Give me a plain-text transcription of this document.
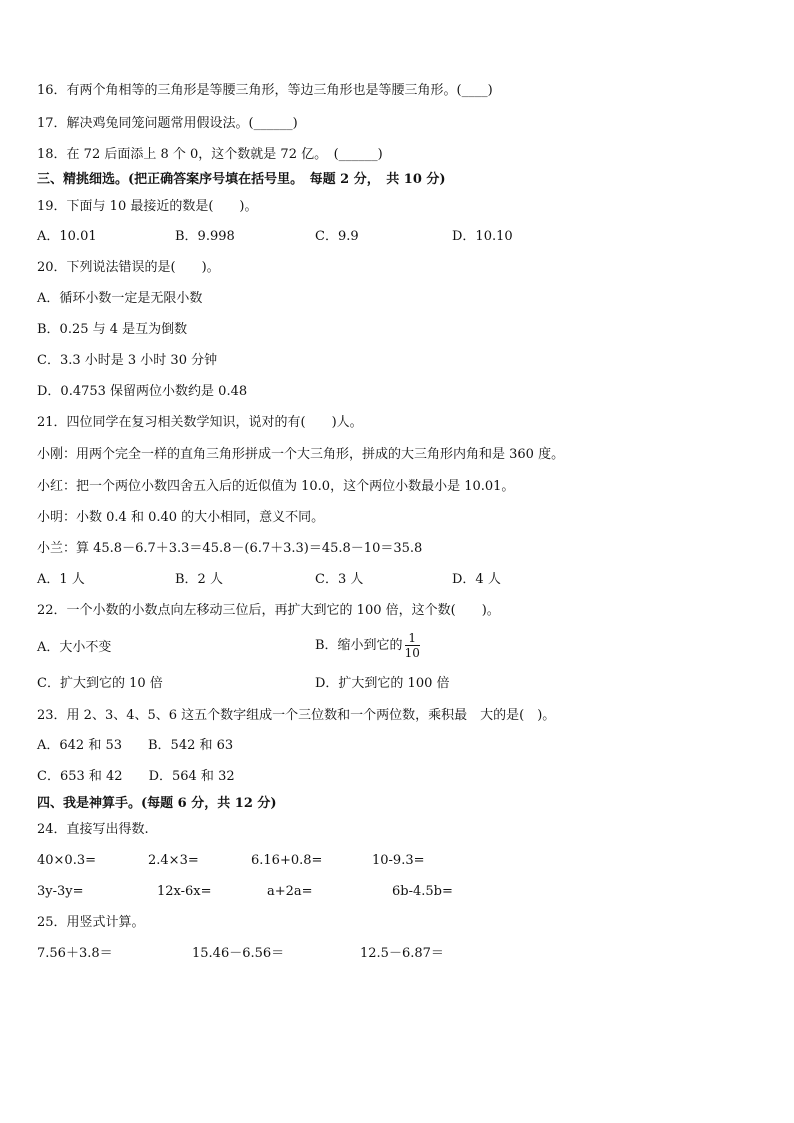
16．有两个角相等的三角形是等腰三角形，等边三角形也是等腰三角形。(____)
17．解决鸡兔同笼问题常用假设法。(______)
18．在 72 后面添上 8 个 0，这个数就是 72 亿。　(______)
三、精挑细选。(把正确答案序号填在括号里。　每题 2 分，　共 10 分)
19．下面与 10 最接近的数是(　　)。
A．10.01	B．9.998	C．9.9	D．10.10
20．下列说法错误的是(　　)。
A．循环小数一定是无限小数
B．0.25 与 4 是互为倒数
C．3.3 小时是 3 小时 30 分钟
D．0.4753 保留两位小数约是 0.48
21．四位同学在复习相关数学知识，说对的有(　　)人。
小刚：用两个完全一样的直角三角形拼成一个大三角形，拼成的大三角形内角和是 360 度。
小红：把一个两位小数四舍五入后的近似值为 10.0，这个两位小数最小是 10.01。
小明：小数 0.4 和 0.40 的大小相同，意义不同。
小兰：算 45.8－6.7＋3.3＝45.8－(6.7＋3.3)＝45.8－10＝35.8
A．1 人	B．2 人	C．3 人	D．4 人
22．一个小数的小数点向左移动三位后，再扩大到它的 100 倍，这个数(　　)。
A．大小不变	B．缩小到它的 $\frac{1}{10}$
C．扩大到它的 10 倍	D．扩大到它的 100 倍
23．用 2、3、4、5、6 这五个数字组成一个三位数和一个两位数，乘积最　大的是(　)。
A．642 和 53　　B．542 和 63
C．653 和 42　　D．564 和 32
四、我是神算手。(每题 6 分，共 12 分)
24．直接写出得数.
40×0.3=	2.4×3=	6.16+0.8=	10-9.3=
3y-3y=	12x-6x=	a+2a=	6b-4.5b=
25．用竖式计算。
7.56＋3.8＝	15.46－6.56＝	12.5－6.87＝
